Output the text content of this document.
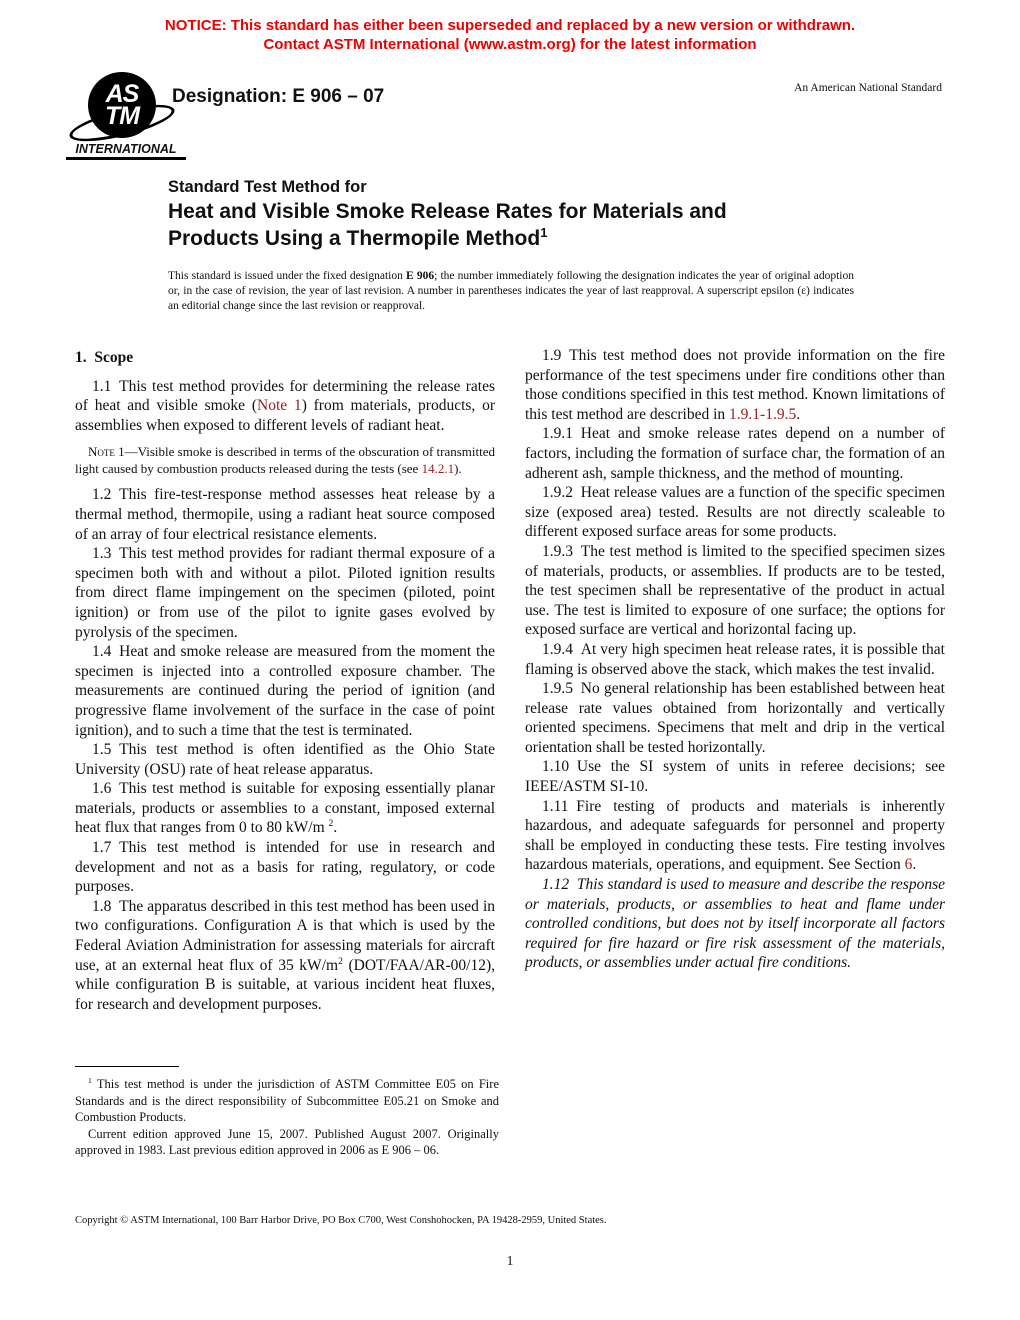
NOTICE: This standard has either been superseded and replaced by a new version or withdrawn.
Contact ASTM International (www.astm.org) for the latest information
AS
TM
INTERNATIONAL
Designation: E 906 – 07	An American National Standard
Standard Test Method for
Heat and Visible Smoke Release Rates for Materials and Products Using a Thermopile Method$^1$
This standard is issued under the fixed designation E 906; the number immediately following the designation indicates the year of original adoption or, in the case of revision, the year of last revision. A number in parentheses indicates the year of last reapproval. A superscript epsilon (ε) indicates an editorial change since the last revision or reapproval.
1. Scope
1.1 This test method provides for determining the release rates of heat and visible smoke (Note 1) from materials, products, or assemblies when exposed to different levels of radiant heat.
Note 1—Visible smoke is described in terms of the obscuration of transmitted light caused by combustion products released during the tests (see 14.2.1).
1.2 This fire-test-response method assesses heat release by a thermal method, thermopile, using a radiant heat source composed of an array of four electrical resistance elements.
1.3 This test method provides for radiant thermal exposure of a specimen both with and without a pilot. Piloted ignition results from direct flame impingement on the specimen (piloted, point ignition) or from use of the pilot to ignite gases evolved by pyrolysis of the specimen.
1.4 Heat and smoke release are measured from the moment the specimen is injected into a controlled exposure chamber. The measurements are continued during the period of ignition (and progressive flame involvement of the surface in the case of point ignition), and to such a time that the test is terminated.
1.5 This test method is often identified as the Ohio State University (OSU) rate of heat release apparatus.
1.6 This test method is suitable for exposing essentially planar materials, products or assemblies to a constant, imposed external heat flux that ranges from 0 to 80 kW/m $^2$.
1.7 This test method is intended for use in research and development and not as a basis for rating, regulatory, or code purposes.
1.8 The apparatus described in this test method has been used in two configurations. Configuration A is that which is used by the Federal Aviation Administration for assessing materials for aircraft use, at an external heat flux of 35 $kW/m^2$ (DOT/FAA/AR-00/12), while configuration B is suitable, at various incident heat fluxes, for research and development purposes.
1.9 This test method does not provide information on the fire performance of the test specimens under fire conditions other than those conditions specified in this test method. Known limitations of this test method are described in 1.9.1-1.9.5.
1.9.1 Heat and smoke release rates depend on a number of factors, including the formation of surface char, the formation of an adherent ash, sample thickness, and the method of mounting.
1.9.2 Heat release values are a function of the specific specimen size (exposed area) tested. Results are not directly scaleable to different exposed surface areas for some products.
1.9.3 The test method is limited to the specified specimen sizes of materials, products, or assemblies. If products are to be tested, the test specimen shall be representative of the product in actual use. The test is limited to exposure of one surface; the options for exposed surface are vertical and horizontal facing up.
1.9.4 At very high specimen heat release rates, it is possible that flaming is observed above the stack, which makes the test invalid.
1.9.5 No general relationship has been established between heat release rate values obtained from horizontally and vertically oriented specimens. Specimens that melt and drip in the vertical orientation shall be tested horizontally.
1.10 Use the SI system of units in referee decisions; see IEEE/ASTM SI-10.
1.11 Fire testing of products and materials is inherently hazardous, and adequate safeguards for personnel and property shall be employed in conducting these tests. Fire testing involves hazardous materials, operations, and equipment. See Section 6.
1.12 This standard is used to measure and describe the response or materials, products, or assemblies to heat and flame under controlled conditions, but does not by itself incorporate all factors required for fire hazard or fire risk assessment of the materials, products, or assemblies under actual fire conditions.
$^1$ This test method is under the jurisdiction of ASTM Committee E05 on Fire Standards and is the direct responsibility of Subcommittee E05.21 on Smoke and Combustion Products.
Current edition approved June 15, 2007. Published August 2007. Originally approved in 1983. Last previous edition approved in 2006 as E 906 – 06.
Copyright © ASTM International, 100 Barr Harbor Drive, PO Box C700, West Conshohocken, PA 19428-2959, United States.
1
